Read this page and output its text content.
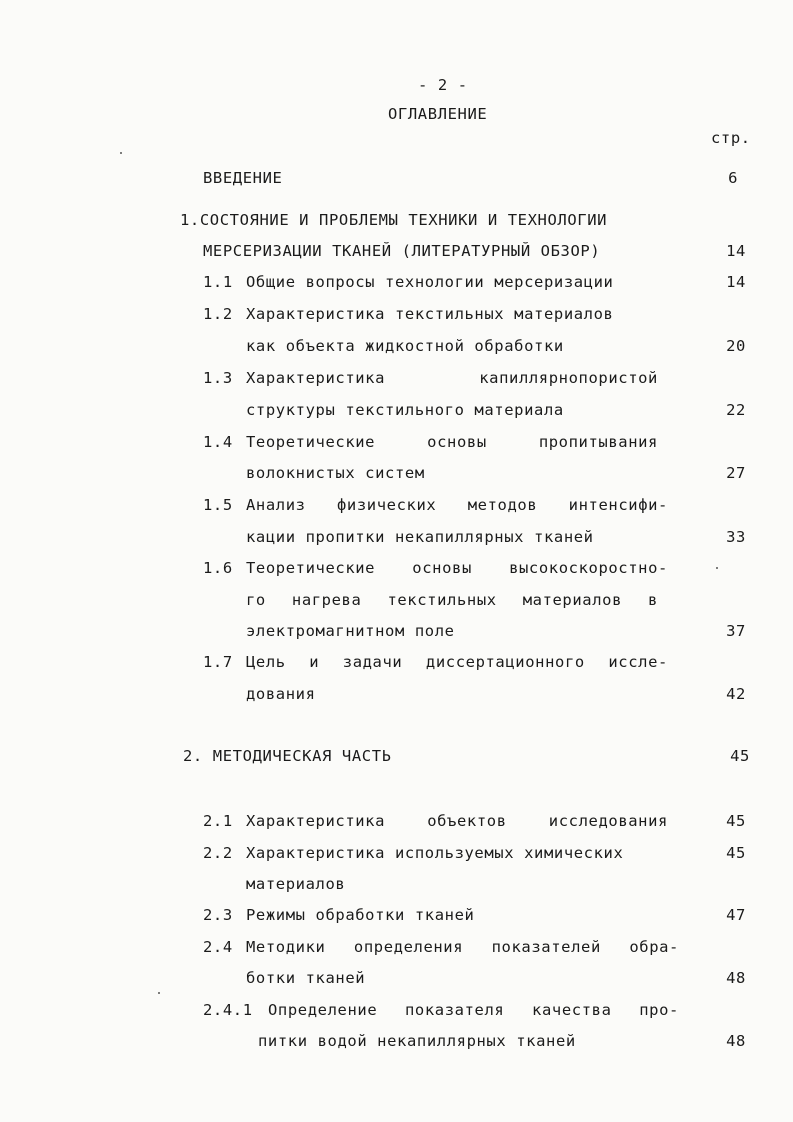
- 2 -
ОГЛАВЛЕНИЕ
стр.
ВВЕДЕНИЕ	6
1.СОСТОЯНИЕ И ПРОБЛЕМЫ ТЕХНИКИ И ТЕХНОЛОГИИ
МЕРСЕРИЗАЦИИ ТКАНЕЙ (ЛИТЕРАТУРНЫЙ ОБЗОР)	14
1.1 Общие вопросы технологии мерсеризации	14
1.2 Характеристика текстильных материалов
как объекта жидкостной обработки	20
1.3 Характеристика	капиллярнопористой
структуры текстильного материала	22
1.4 Теоретические	основы	пропитывания
волокнистых систем	27
1.5 Анализ физических методов интенсифи-
кации пропитки некапиллярных тканей	33
1.6 Теоретические основы высокоскоростно-
го нагрева текстильных материалов в
электромагнитном поле	37
1.7 Цель и задачи диссертационного иссле-
дования	42
2. МЕТОДИЧЕСКАЯ ЧАСТЬ	45
2.1 Характеристика	объектов	исследования	45
2.2 Характеристика используемых химических	45
материалов
2.3 Режимы обработки тканей	47
2.4 Методики определения показателей обра-
ботки тканей	48
2.4.1 Определение показателя качества про-
питки водой некапиллярных тканей	48
